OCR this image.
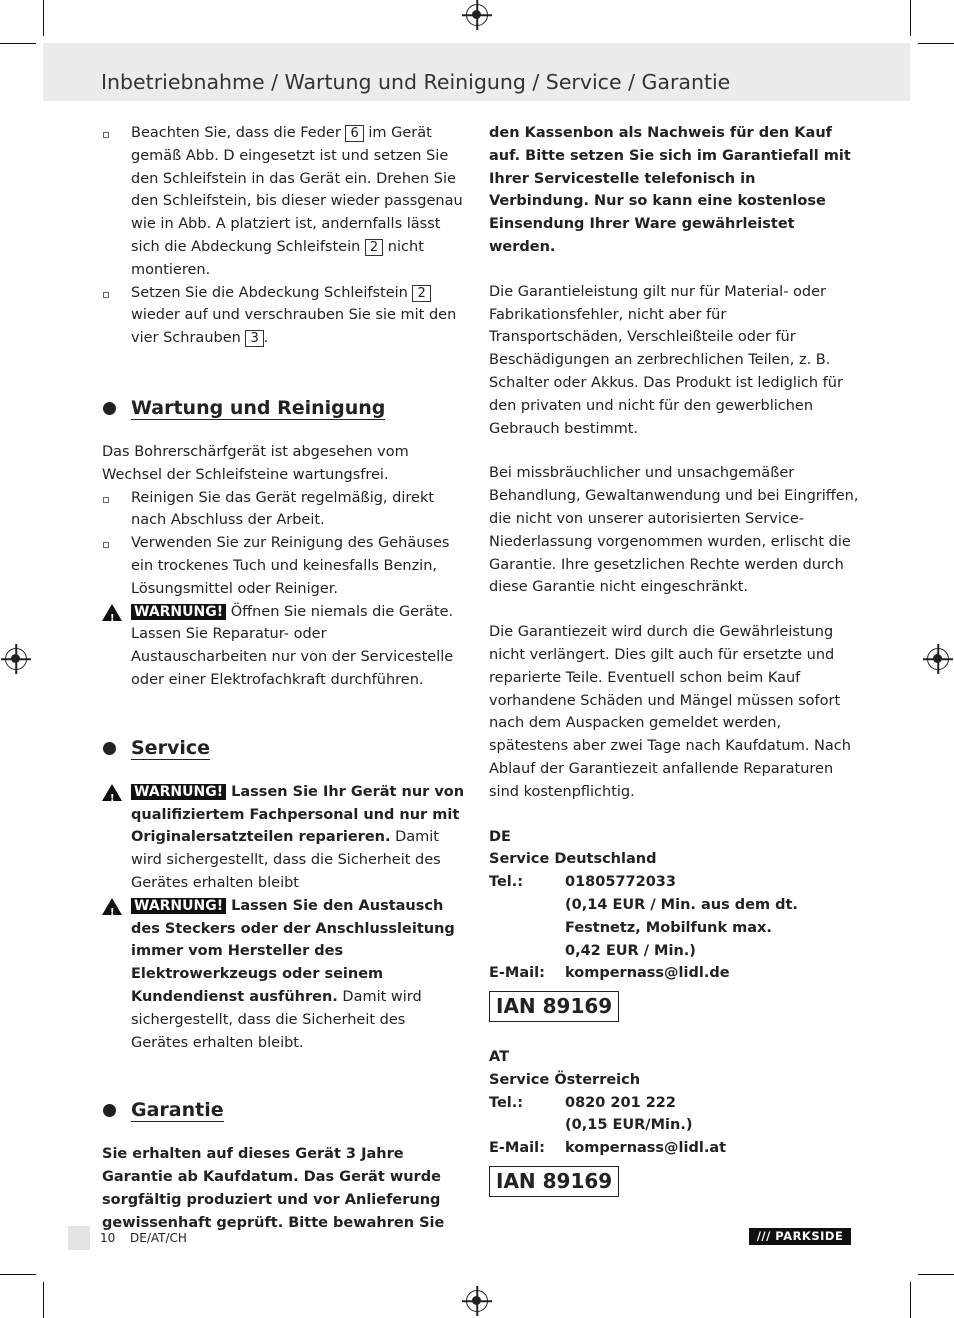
Inbetriebnahme / Wartung und Reinigung / Service / Garantie
Beachten Sie, dass die Feder 6 im Gerät gemäß Abb. D eingesetzt ist und setzen Sie den Schleifstein in das Gerät ein. Drehen Sie den Schleifstein, bis dieser wieder passgenau wie in Abb. A platziert ist, andernfalls lässt sich die Abdeckung Schleifstein 2 nicht montieren.
Setzen Sie die Abdeckung Schleifstein 2 wieder auf und verschrauben Sie sie mit den vier Schrauben 3 .
Wartung und Reinigung

Das Bohrerschärfgerät ist abgesehen vom Wechsel der Schleifsteine wartungsfrei.

Reinigen Sie das Gerät regelmäßig, direkt nach Abschluss der Arbeit.
Verwenden Sie zur Reinigung des Gehäuses ein trockenes Tuch und keinesfalls Benzin, Lösungsmittel oder Reiniger.
! WARNUNG! Öffnen Sie niemals die Geräte. Lassen Sie Reparatur- oder Austauscharbeiten nur von der Servicestelle oder einer Elektrofachkraft durchführen.
Service
! WARNUNG! Lassen Sie Ihr Gerät nur von qualifiziertem Fachpersonal und nur mit Originalersatzteilen reparieren. Damit wird sichergestellt, dass die Sicherheit des Gerätes erhalten bleibt
! WARNUNG! Lassen Sie den Austausch des Steckers oder der Anschlussleitung immer vom Hersteller des Elektrowerkzeugs oder seinem Kundendienst ausführen. Damit wird sichergestellt, dass die Sicherheit des Gerätes erhalten bleibt.
Garantie

Sie erhalten auf dieses Gerät 3 Jahre Garantie ab Kaufdatum. Das Gerät wurde sorgfältig produziert und vor Anlieferung gewissenhaft geprüft. Bitte bewahren Sie

den Kassenbon als Nachweis für den Kauf auf. Bitte setzen Sie sich im Garantiefall mit Ihrer Servicestelle telefonisch in Verbindung. Nur so kann eine kostenlose Einsendung Ihrer Ware gewährleistet werden.

Die Garantieleistung gilt nur für Material- oder Fabrikationsfehler, nicht aber für Transportschäden, Verschleißteile oder für Beschädigungen an zerbrechlichen Teilen, z. B. Schalter oder Akkus. Das Produkt ist lediglich für den privaten und nicht für den gewerblichen Gebrauch bestimmt.

Bei missbräuchlicher und unsachgemäßer Behandlung, Gewaltanwendung und bei Eingriffen, die nicht von unserer autorisierten Service-Niederlassung vorgenommen wurden, erlischt die Garantie. Ihre gesetzlichen Rechte werden durch diese Garantie nicht eingeschränkt.

Die Garantiezeit wird durch die Gewährleistung nicht verlängert. Dies gilt auch für ersetzte und reparierte Teile. Eventuell schon beim Kauf vorhandene Schäden und Mängel müssen sofort nach dem Auspacken gemeldet werden, spätestens aber zwei Tage nach Kaufdatum. Nach Ablauf der Garantiezeit anfallende Reparaturen sind kostenpflichtig.

DE
Service Deutschland
Tel.:	01805772033
(0,14 EUR / Min. aus dem dt. Festnetz, Mobilfunk max. 0,42 EUR / Min.)
E-Mail:	kompernass@lidl.de
IAN 89169
AT
Service Österreich
Tel.:	0820 201 222
(0,15 EUR/Min.)
E-Mail:	kompernass@lidl.at
IAN 89169
10 DE/AT/CH	/// PARKSIDE
